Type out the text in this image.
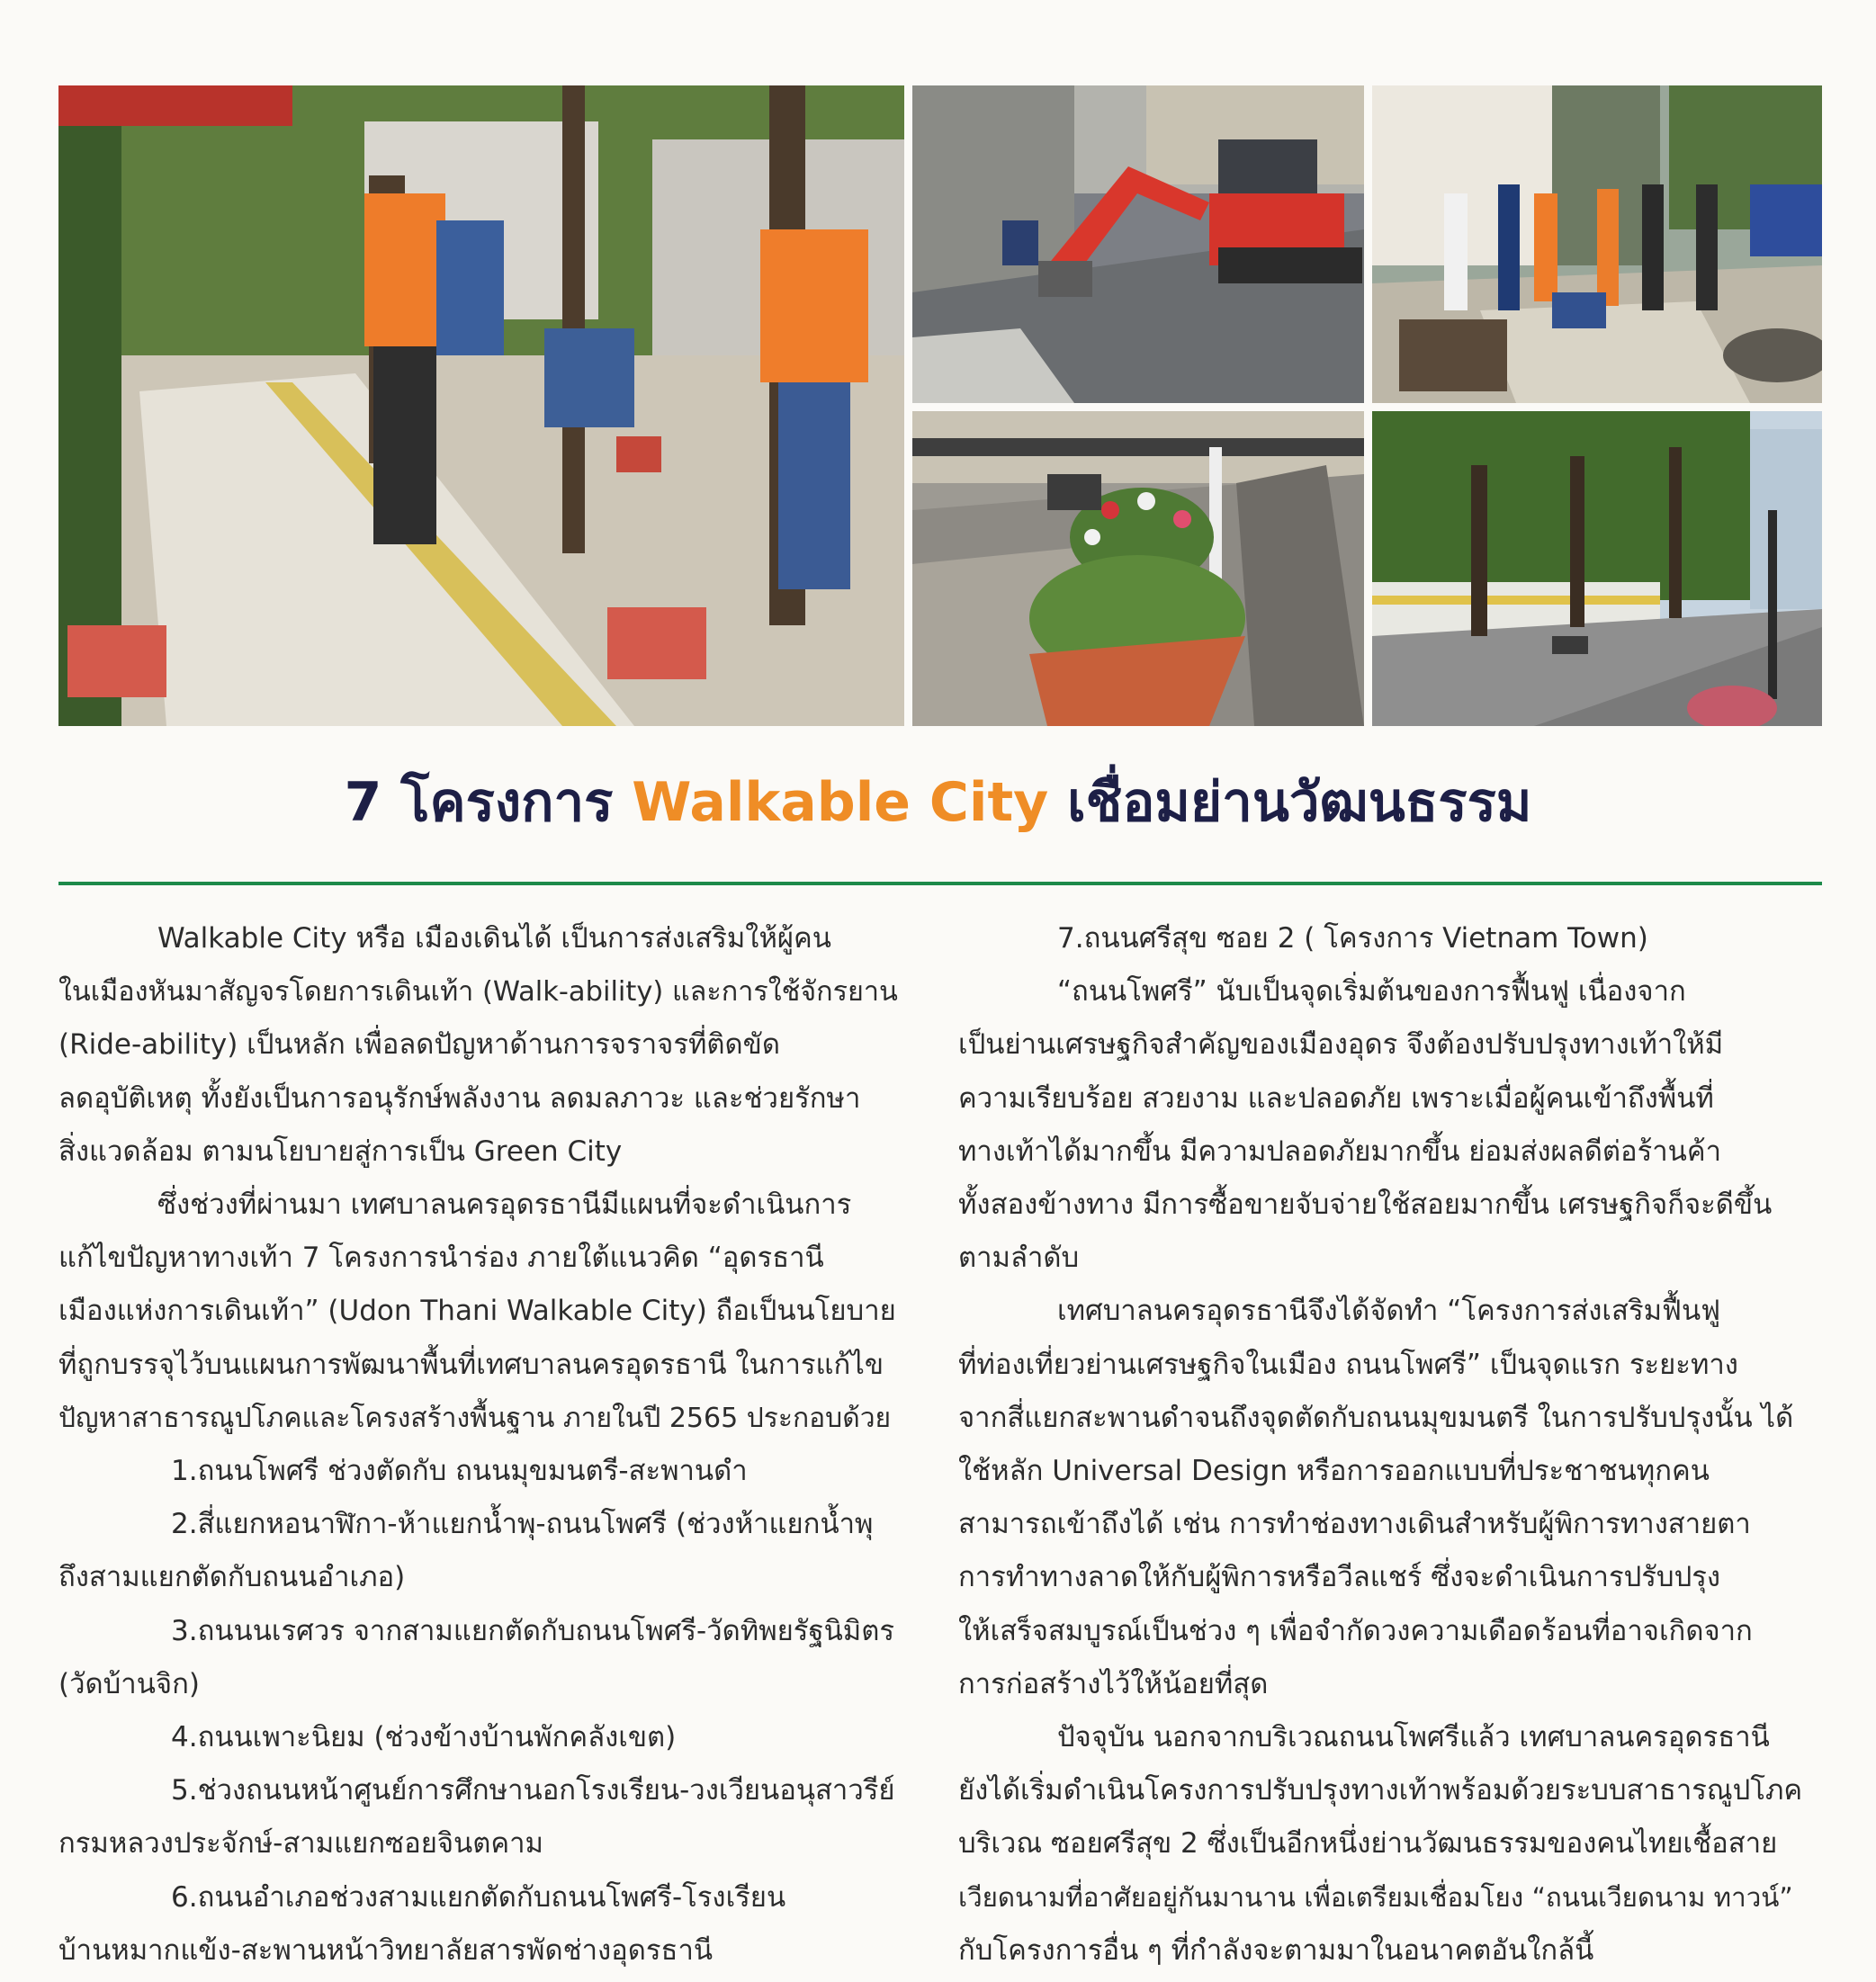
7 โครงการ Walkable City เชื่อมย่านวัฒนธรรม

Walkable City หรือ เมืองเดินได้ เป็นการส่งเสริมให้ผู้คน

ในเมืองหันมาสัญจรโดยการเดินเท้า (Walk-ability) และการใช้จักรยาน

(Ride-ability) เป็นหลัก เพื่อลดปัญหาด้านการจราจรที่ติดขัด

ลดอุบัติเหตุ ทั้งยังเป็นการอนุรักษ์พลังงาน ลดมลภาวะ และช่วยรักษา

สิ่งแวดล้อม ตามนโยบายสู่การเป็น Green City

ซึ่งช่วงที่ผ่านมา เทศบาลนครอุดรธานีมีแผนที่จะดำเนินการ

แก้ไขปัญหาทางเท้า 7 โครงการนำร่อง ภายใต้แนวคิด “อุดรธานี

เมืองแห่งการเดินเท้า” (Udon Thani Walkable City) ถือเป็นนโยบาย

ที่ถูกบรรจุไว้บนแผนการพัฒนาพื้นที่เทศบาลนครอุดรธานี ในการแก้ไข

ปัญหาสาธารณูปโภคและโครงสร้างพื้นฐาน ภายในปี 2565 ประกอบด้วย

1.ถนนโพศรี ช่วงตัดกับ ถนนมุขมนตรี-สะพานดำ

2.สี่แยกหอนาฬิกา-ห้าแยกน้ำพุ-ถนนโพศรี (ช่วงห้าแยกน้ำพุ

ถึงสามแยกตัดกับถนนอำเภอ)

3.ถนนนเรศวร จากสามแยกตัดกับถนนโพศรี-วัดทิพยรัฐนิมิตร

(วัดบ้านจิก)

4.ถนนเพาะนิยม (ช่วงข้างบ้านพักคลังเขต)

5.ช่วงถนนหน้าศูนย์การศึกษานอกโรงเรียน-วงเวียนอนุสาวรีย์

กรมหลวงประจักษ์-สามแยกซอยจินตคาม

6.ถนนอำเภอช่วงสามแยกตัดกับถนนโพศรี-โรงเรียน

บ้านหมากแข้ง-สะพานหน้าวิทยาลัยสารพัดช่างอุดรธานี

7.ถนนศรีสุข ซอย 2 ( โครงการ Vietnam Town)

“ถนนโพศรี” นับเป็นจุดเริ่มต้นของการฟื้นฟู เนื่องจาก

เป็นย่านเศรษฐกิจสำคัญของเมืองอุดร จึงต้องปรับปรุงทางเท้าให้มี

ความเรียบร้อย สวยงาม และปลอดภัย เพราะเมื่อผู้คนเข้าถึงพื้นที่

ทางเท้าได้มากขึ้น มีความปลอดภัยมากขึ้น ย่อมส่งผลดีต่อร้านค้า

ทั้งสองข้างทาง มีการซื้อขายจับจ่ายใช้สอยมากขึ้น เศรษฐกิจก็จะดีขึ้น

ตามลำดับ

เทศบาลนครอุดรธานีจึงได้จัดทำ “โครงการส่งเสริมฟื้นฟู

ที่ท่องเที่ยวย่านเศรษฐกิจในเมือง ถนนโพศรี” เป็นจุดแรก ระยะทาง

จากสี่แยกสะพานดำจนถึงจุดตัดกับถนนมุขมนตรี ในการปรับปรุงนั้น ได้

ใช้หลัก Universal Design หรือการออกแบบที่ประชาชนทุกคน

สามารถเข้าถึงได้ เช่น การทำช่องทางเดินสำหรับผู้พิการทางสายตา

การทำทางลาดให้กับผู้พิการหรือวีลแชร์ ซึ่งจะดำเนินการปรับปรุง

ให้เสร็จสมบูรณ์เป็นช่วง ๆ เพื่อจำกัดวงความเดือดร้อนที่อาจเกิดจาก

การก่อสร้างไว้ให้น้อยที่สุด

ปัจจุบัน นอกจากบริเวณถนนโพศรีแล้ว เทศบาลนครอุดรธานี

ยังได้เริ่มดำเนินโครงการปรับปรุงทางเท้าพร้อมด้วยระบบสาธารณูปโภค

บริเวณ ซอยศรีสุข 2 ซึ่งเป็นอีกหนึ่งย่านวัฒนธรรมของคนไทยเชื้อสาย

เวียดนามที่อาศัยอยู่กันมานาน เพื่อเตรียมเชื่อมโยง “ถนนเวียดนาม ทาวน์”

กับโครงการอื่น ๆ ที่กำลังจะตามมาในอนาคตอันใกล้นี้
